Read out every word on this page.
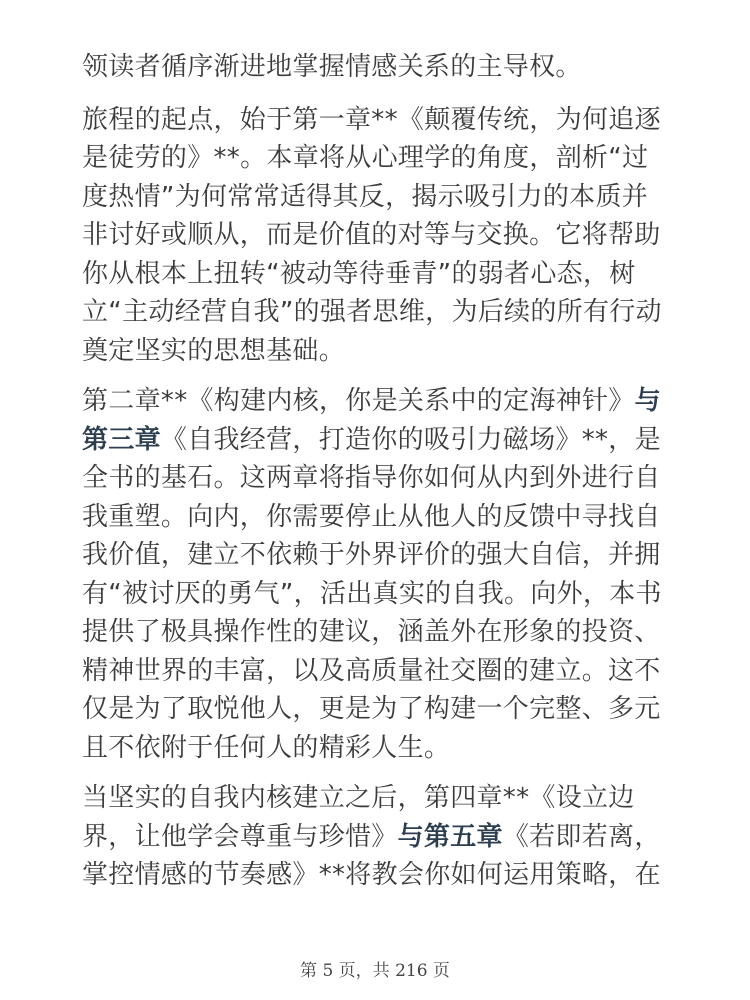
领读者循序渐进地掌握情感关系的主导权。

旅程的起点，始于第一章**《颠覆传统，为何追逐是徒劳的》**。本章将从心理学的角度，剖析“过度热情”为何常常适得其反，揭示吸引力的本质并非讨好或顺从，而是价值的对等与交换。它将帮助你从根本上扭转“被动等待垂青”的弱者心态，树立“主动经营自我”的强者思维，为后续的所有行动奠定坚实的思想基础。

第二章**《构建内核，你是关系中的定海神针》与第三章《自我经营，打造你的吸引力磁场》**，是全书的基石。这两章将指导你如何从内到外进行自我重塑。向内，你需要停止从他人的反馈中寻找自我价值，建立不依赖于外界评价的强大自信，并拥有“被讨厌的勇气”，活出真实的自我。向外，本书提供了极具操作性的建议，涵盖外在形象的投资、精神世界的丰富，以及高质量社交圈的建立。这不仅是为了取悦他人，更是为了构建一个完整、多元且不依附于任何人的精彩人生。

当坚实的自我内核建立之后，第四章**《设立边界，让他学会尊重与珍惜》与第五章《若即若离，掌控情感的节奏感》**将教会你如何运用策略，在

第 5 页，共 216 页
